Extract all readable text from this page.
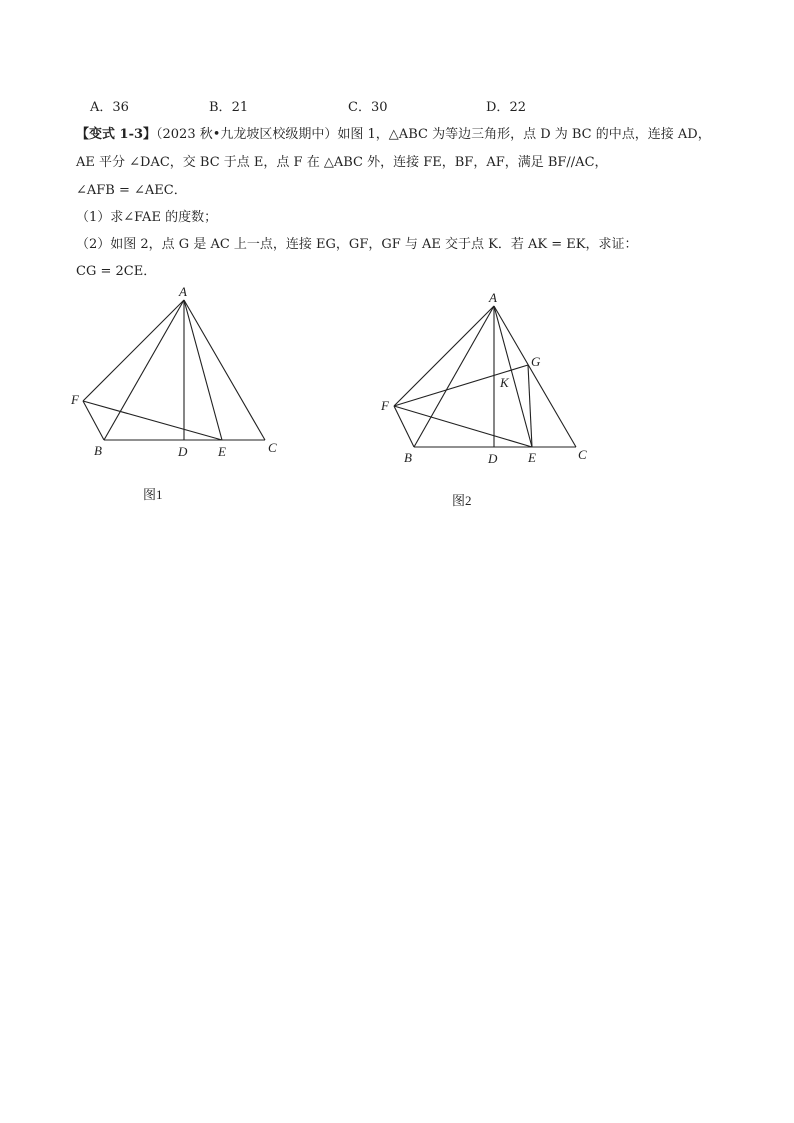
A．36	B．21	C．30	D．22
【变式 1-3】（2023 秋•九龙坡区校级期中）如图 1，△ABC 为等边三角形，点 D 为 BC 的中点，连接 AD，
AE 平分 ∠DAC，交 BC 于点 E，点 F 在 △ABC 外，连接 FE，BF，AF，满足 BF//AC，
∠AFB = ∠AEC．
（1）求∠FAE 的度数；
（2）如图 2，点 G 是 AC 上一点，连接 EG，GF，GF 与 AE 交于点 K．若 AK = EK，求证：
CG = 2CE．
A
B	C
D E
F
图1
A
B	C
D E
F
G
K
图2
